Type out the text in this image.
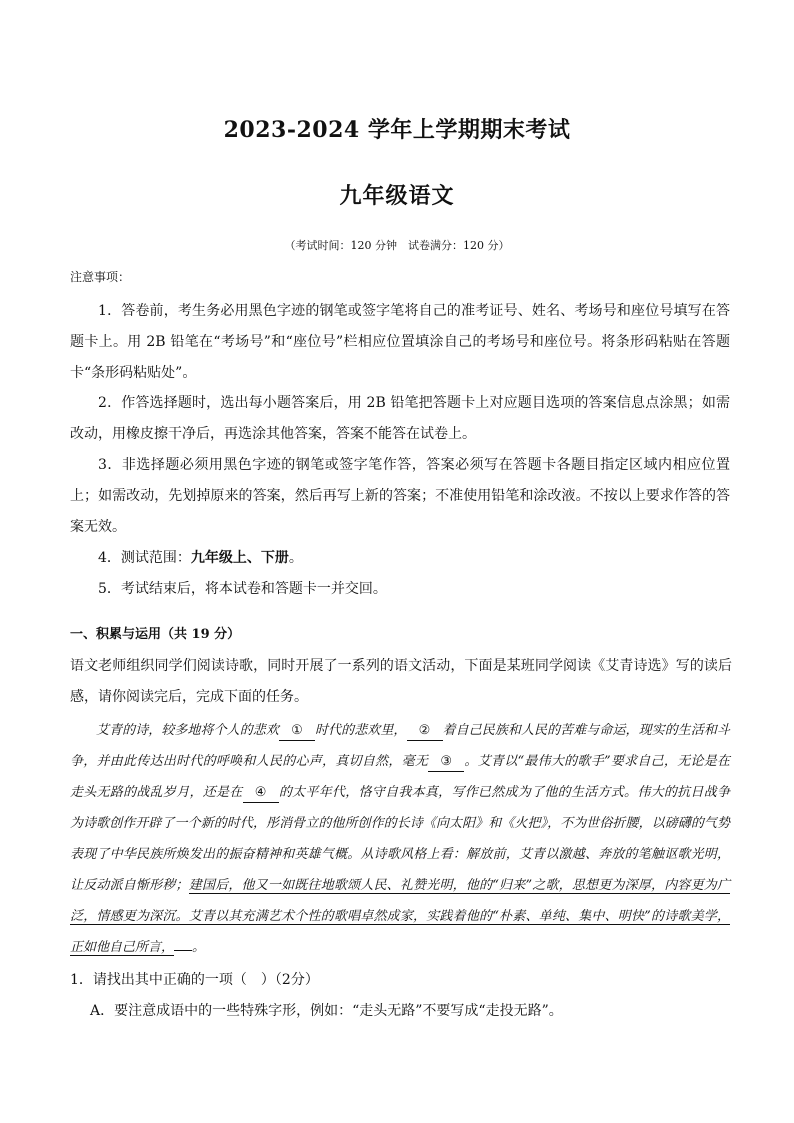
2023-2024 学年上学期期末考试
九年级语文
（考试时间：120 分钟　试卷满分：120 分）
注意事项：
1．答卷前，考生务必用黑色字迹的钢笔或签字笔将自己的准考证号、姓名、考场号和座位号填写在答题卡上。用 2B 铅笔在“考场号”和“座位号”栏相应位置填涂自己的考场号和座位号。将条形码粘贴在答题卡“条形码粘贴处”。
2．作答选择题时，选出每小题答案后，用 2B 铅笔把答题卡上对应题目选项的答案信息点涂黑；如需改动，用橡皮擦干净后，再选涂其他答案，答案不能答在试卷上。
3．非选择题必须用黑色字迹的钢笔或签字笔作答，答案必须写在答题卡各题目指定区域内相应位置上；如需改动，先划掉原来的答案，然后再写上新的答案；不准使用铅笔和涂改液。不按以上要求作答的答案无效。
4．测试范围：九年级上、下册。
5．考试结束后，将本试卷和答题卡一并交回。
一、积累与运用（共 19 分）
语文老师组织同学们阅读诗歌，同时开展了一系列的语文活动，下面是某班同学阅读《艾青诗选》写的读后感，请你阅读完后，完成下面的任务。
艾青的诗，较多地将个人的悲欢 ① 时代的悲欢里， ② 着自己民族和人民的苦难与命运，现实的生活和斗争，并由此传达出时代的呼唤和人民的心声，真切自然，毫无 ③ 。艾青以“最伟大的歌手”要求自己，无论是在走头无路的战乱岁月，还是在 ④ 的太平年代，恪守自我本真，写作已然成为了他的生活方式。伟大的抗日战争为诗歌创作开辟了一个新的时代，彤消骨立的他所创作的长诗《向太阳》和《火把》，不为世俗折腰，以磅礴的气势表现了中华民族所焕发出的振奋精神和英雄气概。从诗歌风格上看：解放前，艾青以激越、奔放的笔触讴歌光明，让反动派自惭形秽；建国后，他又一如既往地歌颂人民、礼赞光明，他的“归来”之歌，思想更为深厚，内容更为广泛，情感更为深沉。艾青以其充满艺术个性的歌唱卓然成家，实践着他的“朴素、单纯、集中、明快”的诗歌美学，正如他自己所言， 。
1．请找出其中正确的一项（　）（2分）
A．要注意成语中的一些特殊字形，例如：“走头无路”不要写成“走投无路”。
